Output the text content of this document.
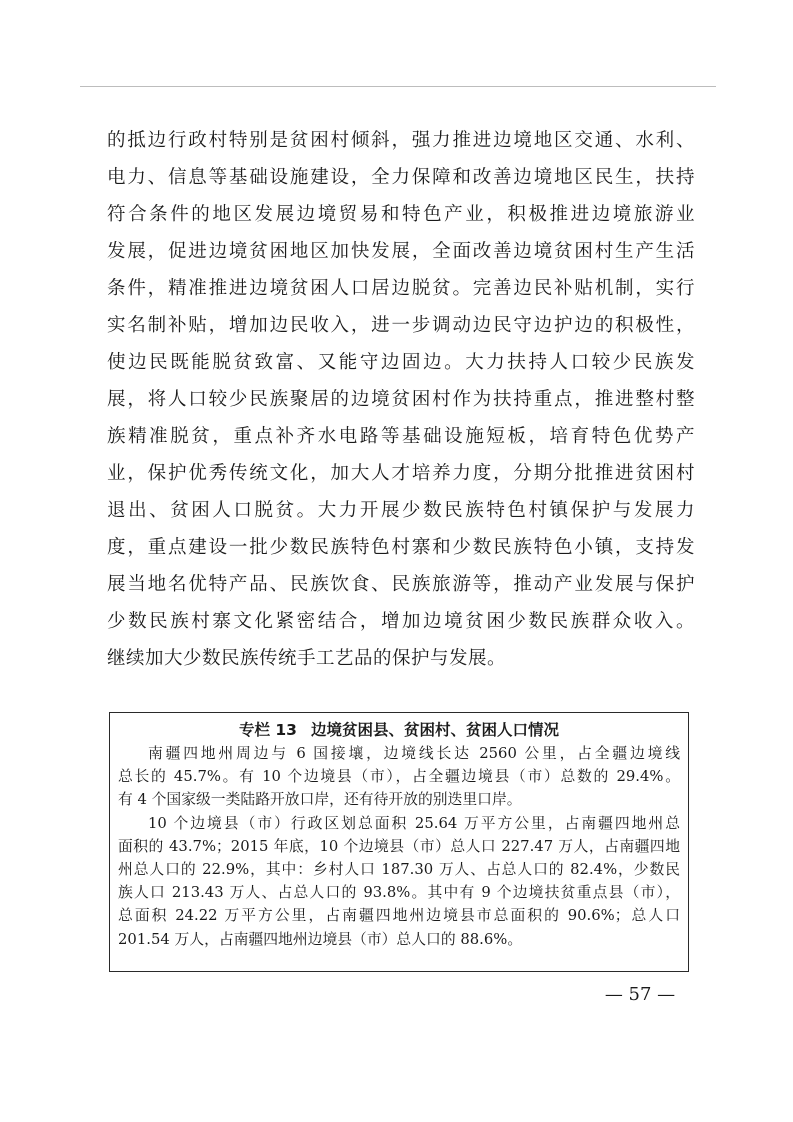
的抵边行政村特别是贫困村倾斜，强力推进边境地区交通、水利、
电力、信息等基础设施建设，全力保障和改善边境地区民生，扶持
符合条件的地区发展边境贸易和特色产业，积极推进边境旅游业
发展，促进边境贫困地区加快发展，全面改善边境贫困村生产生活
条件，精准推进边境贫困人口居边脱贫。完善边民补贴机制，实行
实名制补贴，增加边民收入，进一步调动边民守边护边的积极性，
使边民既能脱贫致富、又能守边固边。大力扶持人口较少民族发
展，将人口较少民族聚居的边境贫困村作为扶持重点，推进整村整
族精准脱贫，重点补齐水电路等基础设施短板，培育特色优势产
业，保护优秀传统文化，加大人才培养力度，分期分批推进贫困村
退出、贫困人口脱贫。大力开展少数民族特色村镇保护与发展力
度，重点建设一批少数民族特色村寨和少数民族特色小镇，支持发
展当地名优特产品、民族饮食、民族旅游等，推动产业发展与保护
少数民族村寨文化紧密结合，增加边境贫困少数民族群众收入。
继续加大少数民族传统手工艺品的保护与发展。
专栏 13 边境贫困县、贫困村、贫困人口情况
南疆四地州周边与 6 国接壤，边境线长达 2560 公里，占全疆边境线
总长的 45.7%。有 10 个边境县（市），占全疆边境县（市）总数的 29.4%。
有 4 个国家级一类陆路开放口岸，还有待开放的别迭里口岸。
10 个边境县（市）行政区划总面积 25.64 万平方公里，占南疆四地州总
面积的 43.7%；2015 年底，10 个边境县（市）总人口 227.47 万人，占南疆四地
州总人口的 22.9%，其中：乡村人口 187.30 万人、占总人口的 82.4%，少数民
族人口 213.43 万人、占总人口的 93.8%。其中有 9 个边境扶贫重点县（市），
总面积 24.22 万平方公里，占南疆四地州边境县市总面积的 90.6%；总人口
201.54 万人，占南疆四地州边境县（市）总人口的 88.6%。
— 57 —
